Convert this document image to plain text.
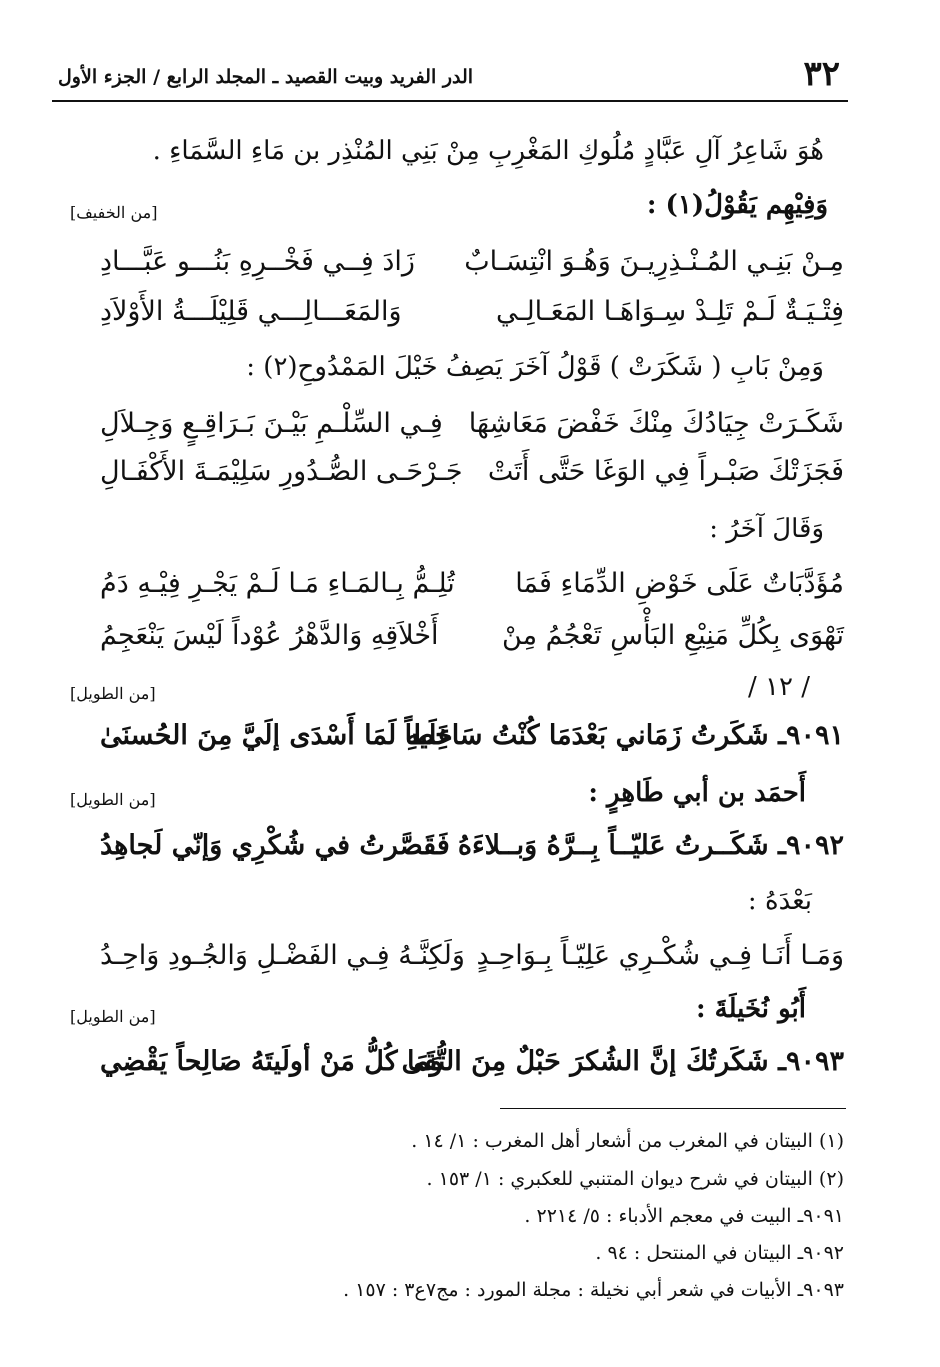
٣٢
الدر الفريد وبيت القصيد ـ المجلد الرابع / الجزء الأول
هُوَ شَاعِرُ آلِ عَبَّادٍ مُلُوكِ المَغْرِبِ مِنْ بَنِي المُنْذِر بن مَاءِ السَّمَاءِ .
وَفِيْهِم يَقُوْلُ(١) :
[من الخفيف]
مِـنْ بَنِـي المُـنْـذِرِيـنَ وَهُـوَ انْتِسَـابٌ
زَادَ فِــي فَخْــرِهِ بَنُـــو عَبَّـــادِ
فِتْـيَـةٌ لَـمْ تَلِـدْ سِـوَاهَـا المَعَـالِـي
وَالمَعَـــالِـــي قَلِيْلَـــةُ الأَوْلاَدِ
وَمِنْ بَابِ ( شَكَرَتْ ) قَوْلُ آخَرَ يَصِفُ خَيْلَ المَمْدُوحِ(٢) :
شَكَـرَتْ جِيَادُكَ مِنْكَ خَفْضَ مَعَاشِهَا
فِـي السِّلْـمِ بَيْـنَ بَـرَاقِـعٍ وَجِـلاَلِ
فَجَزَتْكَ صَبْـراً فِي الوَغَا حَتَّى أَتَتْ
جَـرْحَـى الصُّـدُورِ سَلِيْمَـةَ الأَكْفَـالِ
وَقَالَ آخَرُ :
مُؤَدَّبَاتٌ عَلَى خَوْضِ الدِّمَاءِ فَمَا
تُلِـمُّ بِـالمَـاءِ مَـا لَـمْ يَجْـرِ فِيْـهِ دَمُ
تَهْوَى بِكُلِّ مَنِيْعِ البَأْسِ تَعْجُمُ مِنْ
أَخْلاَقِهِ وَالدَّهْرُ عُوْداً لَيْسَ يَنْعَجِمُ
/ ١٢ /
[من الطويل]
٩٠٩١ـ شَكَرتُ زَمَاني بَعْدَمَا كُنْتُ سَاخِطاً
عَلَيهِ لَمَا أَسْدَى إلَيَّ مِنَ الحُسنَىٰ
أَحمَد بن أبي طَاهِرٍ :
[من الطويل]
٩٠٩٢ـ شَكَــرتُ عَليّــاً بِــرَّهُ وَبــلاءَهُ
فَقَصَّرتُ في شُكْرِي وَإنّي لَجاهِدُ
بَعْدَهُ :
وَمَـا أَنَـا فِـي شُكْـرِي عَلِيّـاً بِـوَاحِـدٍ
وَلَكِنَّـهُ فِـي الفَضْـلِ وَالجُـودِ وَاحِـدُ
أَبُو نُخَيلَةَ :
[من الطويل]
٩٠٩٣ـ شَكَرتُكَ إنَّ الشُكرَ حَبْلٌ مِنَ التُّقَى
وَمَا كُلُّ مَنْ أولَيتَهُ صَالِحاً يَقْضِي
(١) البيتان في المغرب من أشعار أهل المغرب : ١/ ١٤ .
(٢) البيتان في شرح ديوان المتنبي للعكبري : ١/ ١٥٣ .
٩٠٩١ـ البيت في معجم الأدباء : ٥/ ٢٢١٤ .
٩٠٩٢ـ البيتان في المنتحل : ٩٤ .
٩٠٩٣ـ الأبيات في شعر أبي نخيلة : مجلة المورد : مج٧ع٣ : ١٥٧ .
